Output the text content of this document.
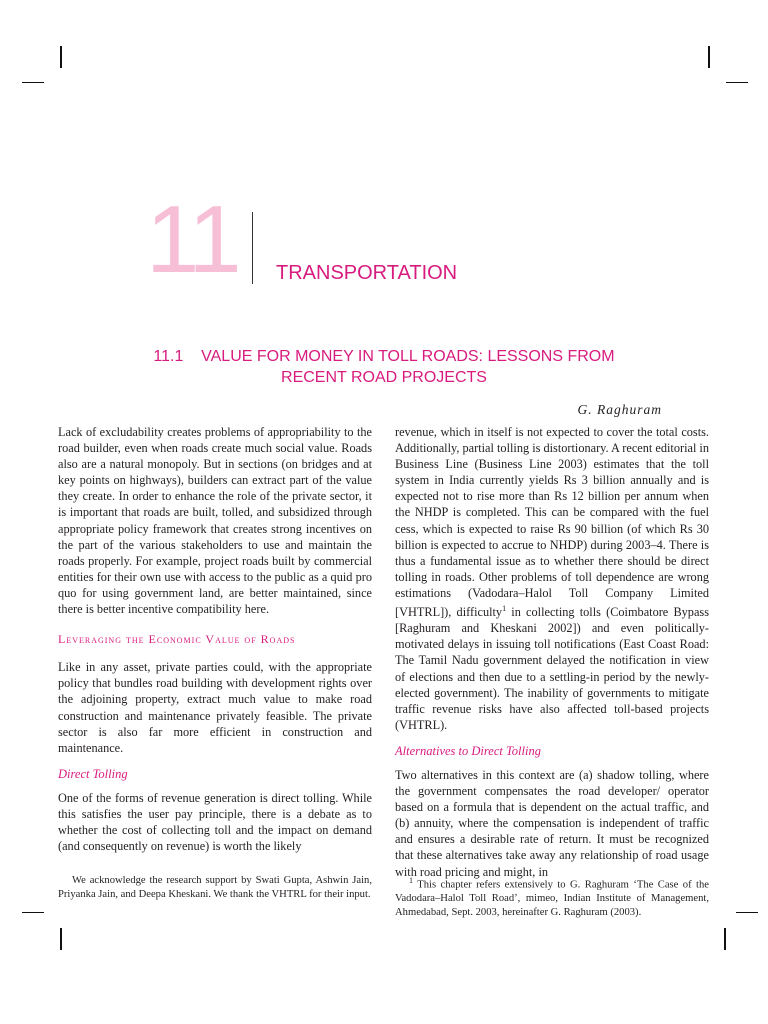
11 TRANSPORTATION
11.1    VALUE FOR MONEY IN TOLL ROADS: LESSONS FROM
RECENT ROAD PROJECTS
G. Raghuram

Lack of excludability creates problems of appropriability to the road builder, even when roads create much social value. Roads also are a natural monopoly. But in sections (on bridges and at key points on highways), builders can extract part of the value they create. In order to enhance the role of the private sector, it is important that roads are built, tolled, and subsidized through appropriate policy framework that creates strong incentives on the part of the various stakeholders to use and maintain the roads properly. For example, project roads built by commercial entities for their own use with access to the public as a quid pro quo for using government land, are better maintained, since there is better incentive compatibility here.

Leveraging the Economic Value of Roads

Like in any asset, private parties could, with the appropriate policy that bundles road building with development rights over the adjoining property, extract much value to make road construction and maintenance privately feasible. The private sector is also far more efficient in construction and maintenance.

Direct Tolling

One of the forms of revenue generation is direct tolling. While this satisfies the user pay principle, there is a debate as to whether the cost of collecting toll and the impact on demand (and consequently on revenue) is worth the likely

revenue, which in itself is not expected to cover the total costs. Additionally, partial tolling is distortionary. A recent editorial in Business Line (Business Line 2003) estimates that the toll system in India currently yields Rs 3 billion annually and is expected not to rise more than Rs 12 billion per annum when the NHDP is completed. This can be compared with the fuel cess, which is expected to raise Rs 90 billion (of which Rs 30 billion is expected to accrue to NHDP) during 2003–4. There is thus a fundamental issue as to whether there should be direct tolling in roads. Other problems of toll dependence are wrong estimations (Vadodara–Halol Toll Company Limited [VHTRL]), difficulty$^1$ in collecting tolls (Coimbatore Bypass [Raghuram and Kheskani 2002]) and even politically-motivated delays in issuing toll notifications (East Coast Road: The Tamil Nadu government delayed the notification in view of elections and then due to a settling-in period by the newly-elected government). The inability of governments to mitigate traffic revenue risks have also affected toll-based projects (VHTRL).

Alternatives to Direct Tolling

Two alternatives in this context are (a) shadow tolling, where the government compensates the road developer/ operator based on a formula that is dependent on the actual traffic, and (b) annuity, where the compensation is independent of traffic and ensures a desirable rate of return. It must be recognized that these alternatives take away any relationship of road usage with road pricing and might, in

We acknowledge the research support by Swati Gupta, Ashwin Jain, Priyanka Jain, and Deepa Kheskani. We thank the VHTRL for their input.
$^1$ This chapter refers extensively to G. Raghuram ‘The Case of the Vadodara–Halol Toll Road’, mimeo, Indian Institute of Management, Ahmedabad, Sept. 2003, hereinafter G. Raghuram (2003).
